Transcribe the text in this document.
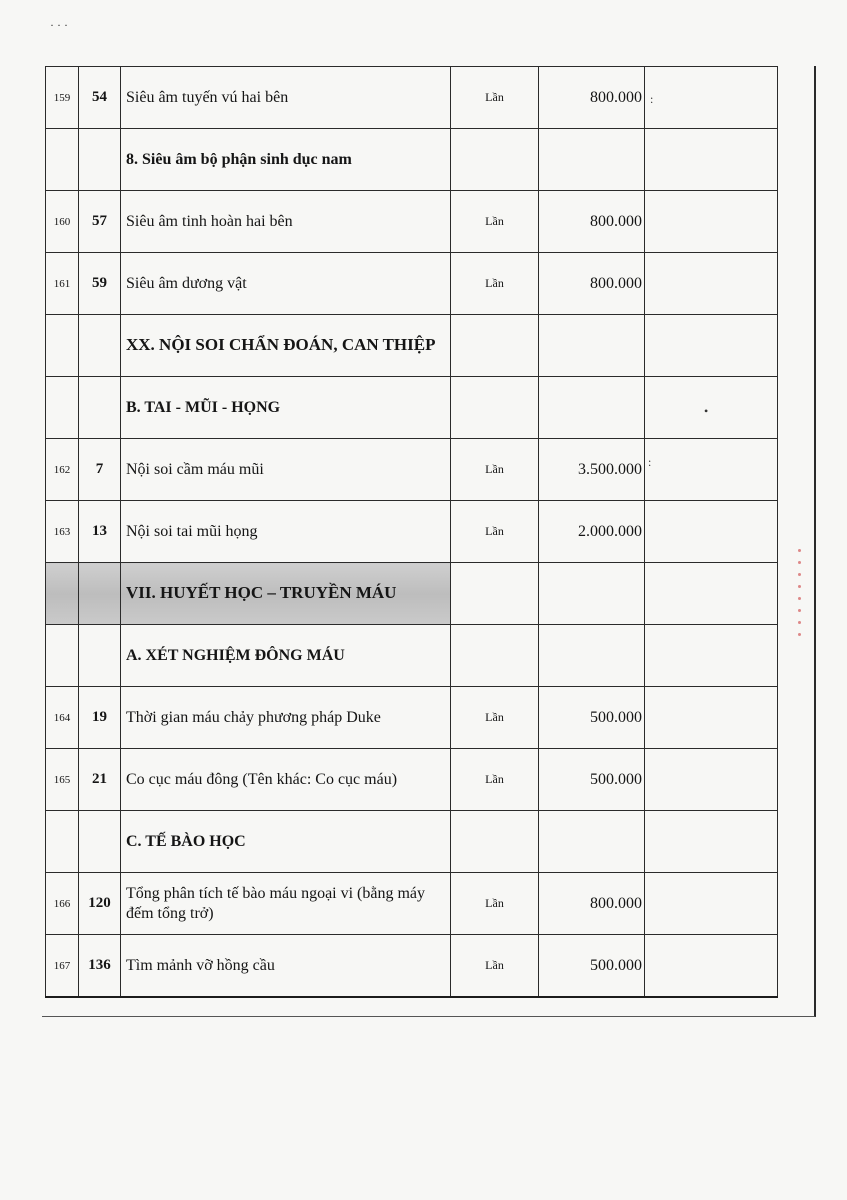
· · ·
:
:
•
159	54	Siêu âm tuyến vú hai bên	Lần	800.000	
		8. Siêu âm bộ phận sinh dục nam			
160	57	Siêu âm tinh hoàn hai bên	Lần	800.000	
161	59	Siêu âm dương vật	Lần	800.000	
		XX. NỘI SOI CHẨN ĐOÁN, CAN THIỆP			
		B. TAI - MŨI - HỌNG			
162	7	Nội soi cầm máu mũi	Lần	3.500.000	
163	13	Nội soi tai mũi họng	Lần	2.000.000	
		VII. HUYẾT HỌC – TRUYỀN MÁU			
		A. XÉT NGHIỆM ĐÔNG MÁU			
164	19	Thời gian máu chảy phương pháp Duke	Lần	500.000	
165	21	Co cục máu đông (Tên khác: Co cục máu)	Lần	500.000	
		C. TẾ BÀO HỌC			
166	120	Tổng phân tích tế bào máu ngoại vi (bằng máy đếm tổng trở)	Lần	800.000	
167	136	Tìm mảnh vỡ hồng cầu	Lần	500.000	
